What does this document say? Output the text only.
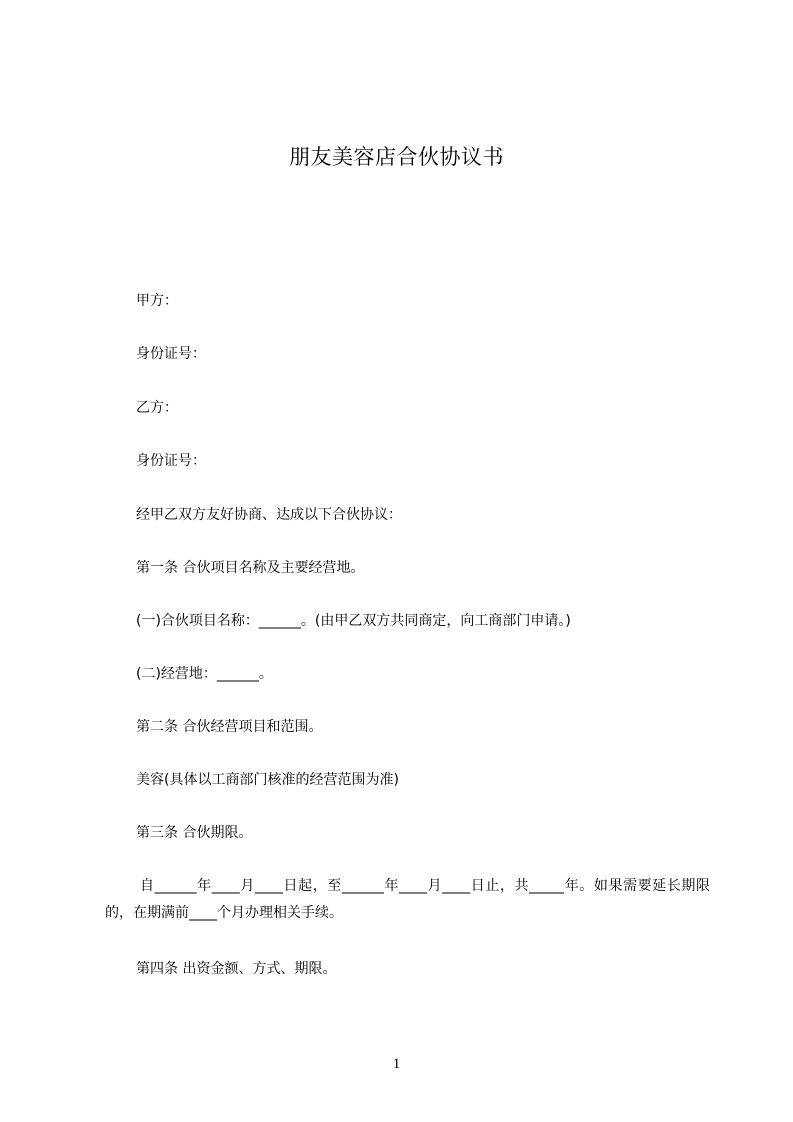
朋友美容店合伙协议书
甲方：
身份证号：
乙方：
身份证号：
经甲乙双方友好协商、达成以下合伙协议：
第一条 合伙项目名称及主要经营地。
(一)合伙项目名称：______。(由甲乙双方共同商定，向工商部门申请。)
(二)经营地：______。
第二条 合伙经营项目和范围。
美容(具体以工商部门核准的经营范围为准)
第三条 合伙期限。

自______年____月____日起，至______年____月____日止，共_____年。如果需要延长期限的，在期满前____个月办理相关手续。

第四条 出资金额、方式、期限。
1
